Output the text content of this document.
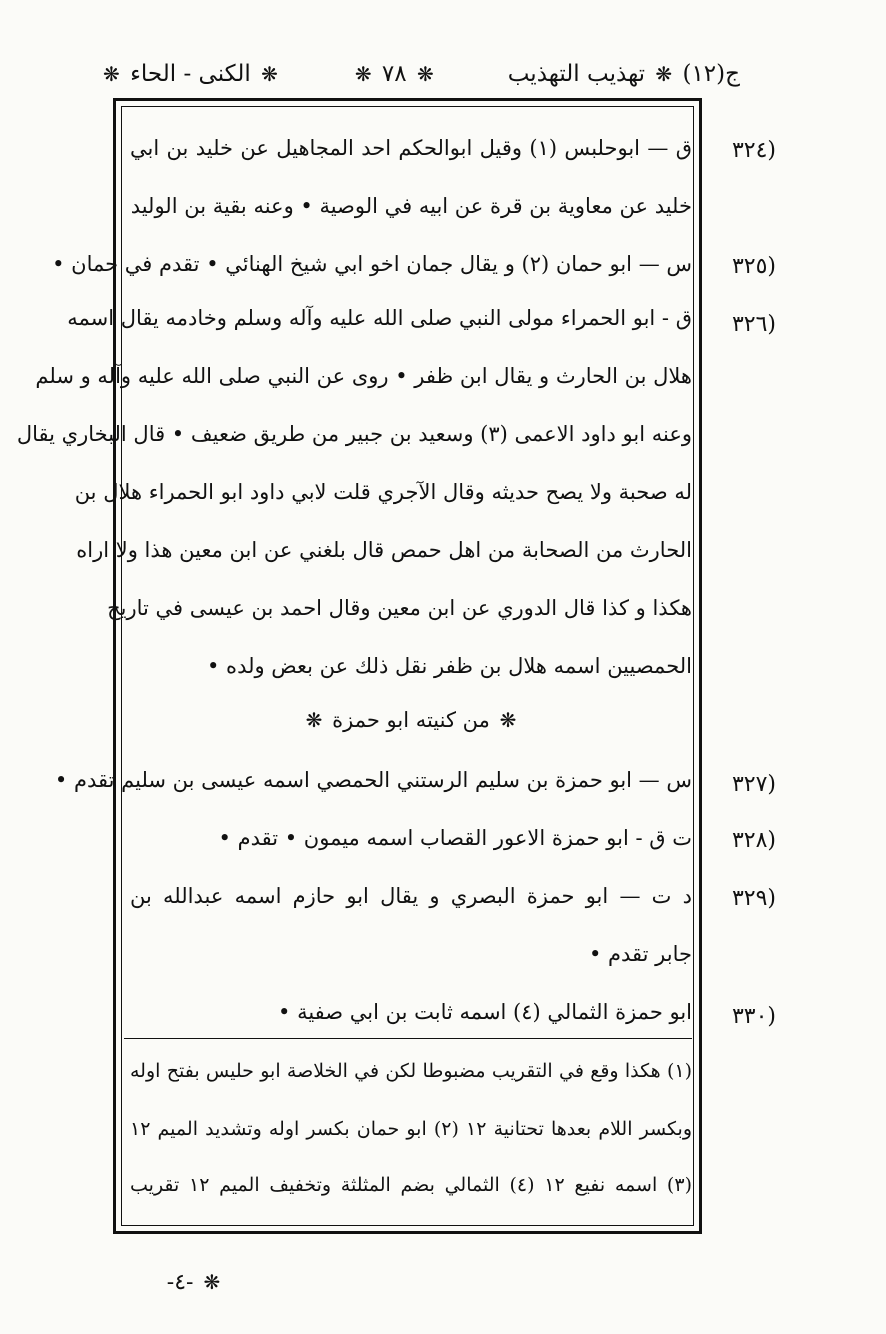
ج(١٢) ❋ تهذيب التهذيب
❋ ٧٨ ❋
❋ الكنى - الحاء ❋
(٣٢٤
ق — ابوحلبس (١) وقيل ابوالحكم احد المجاهيل عن خليد بن ابي
خليد عن معاوية بن قرة عن ابيه في الوصية • وعنه بقية بن الوليد
(٣٢٥
س — ابو حمان (٢) و يقال جمان اخو ابي شيخ الهنائي • تقدم في حمان •
(٣٢٦
ق - ابو الحمراء مولى النبي صلى الله عليه وآله وسلم وخادمه يقال اسمه
هلال بن الحارث و يقال ابن ظفر • روى عن النبي صلى الله عليه وآله و سلم
وعنه ابو داود الاعمى (٣) وسعيد بن جبير من طريق ضعيف • قال البخاري يقال
له صحبة ولا يصح حديثه وقال الآجري قلت لابي داود ابو الحمراء هلال بن
الحارث من الصحابة من اهل حمص قال بلغني عن ابن معين هذا ولا اراه
هكذا و كذا قال الدوري عن ابن معين وقال احمد بن عيسى في تاريخ
الحمصيين اسمه هلال بن ظفر نقل ذلك عن بعض ولده •
❋ من كنيته ابو حمزة ❋
(٣٢٧
س — ابو حمزة بن سليم الرستني الحمصي اسمه عيسى بن سليم تقدم •
(٣٢٨
ت ق - ابو حمزة الاعور القصاب اسمه ميمون • تقدم •
(٣٢٩
د ت — ابو حمزة البصري و يقال ابو حازم اسمه عبدالله بن
جابر تقدم •
(٣٣٠
ابو حمزة الثمالي (٤) اسمه ثابت بن ابي صفية •
(١) هكذا وقع في التقريب مضبوطا لكن في الخلاصة ابو حليس بفتح اوله
وبكسر اللام بعدها تحتانية ١٢ (٢) ابو حمان بكسر اوله وتشديد الميم ١٢
(٣) اسمه نفيع ١٢ (٤) الثمالي بضم المثلثة وتخفيف الميم ١٢ تقريب
❋ -٤-
